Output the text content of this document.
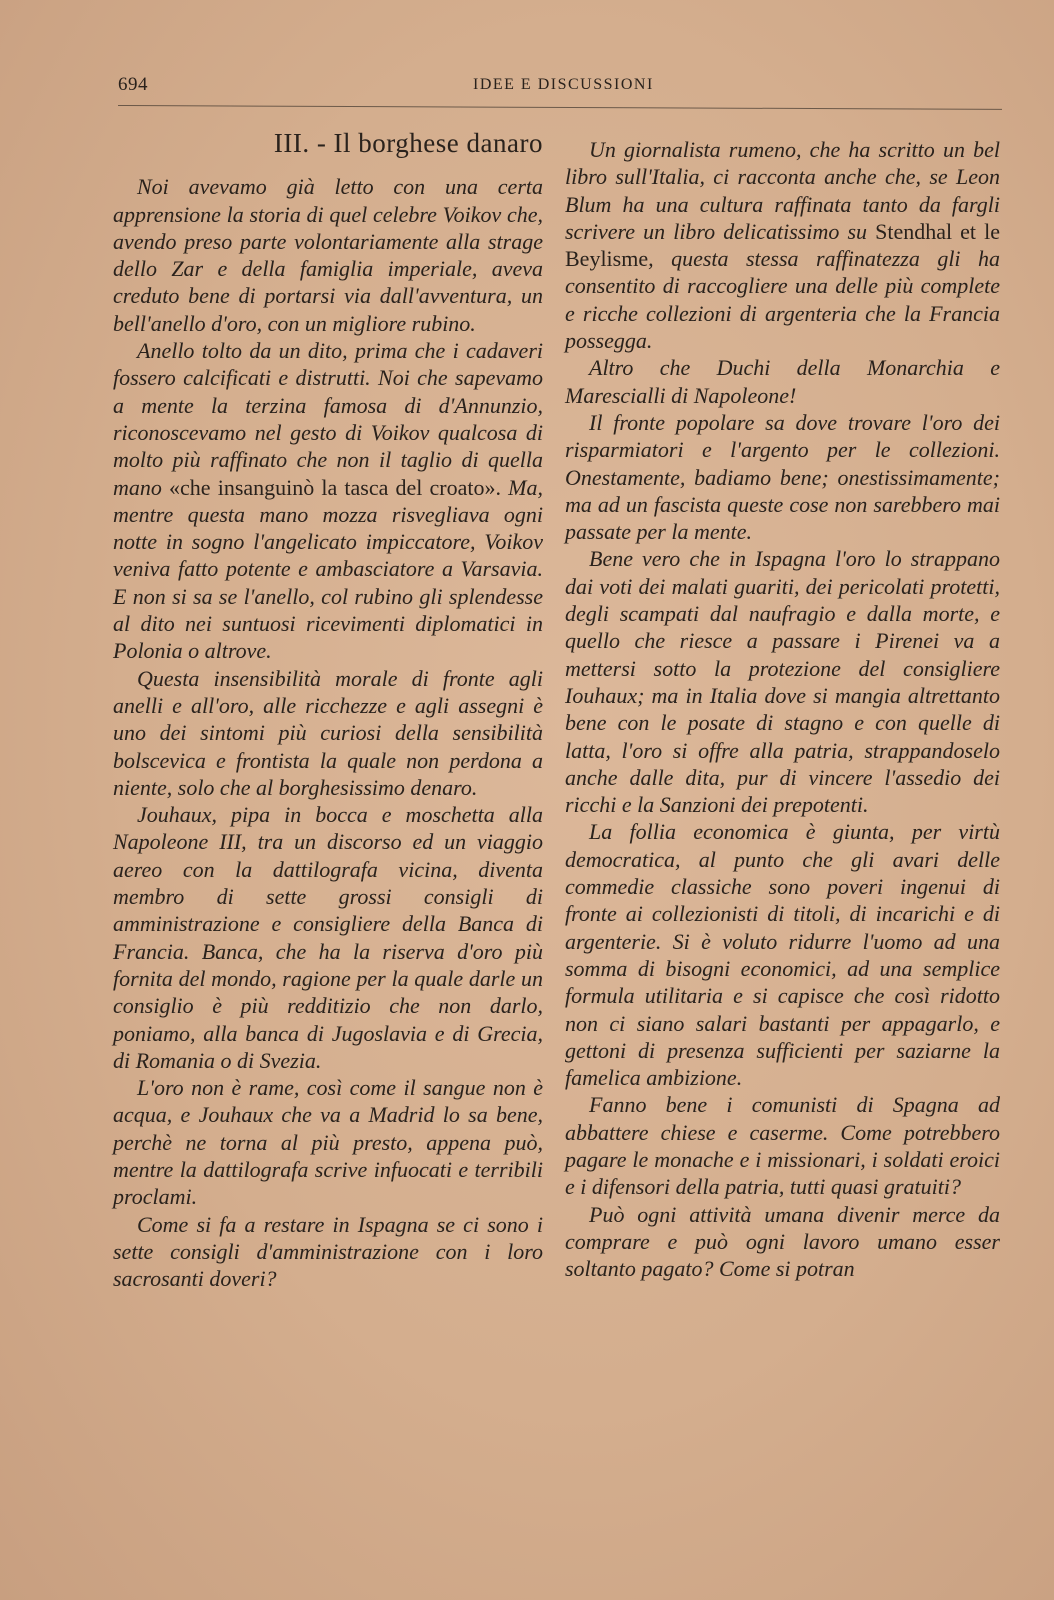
694	IDEE E DISCUSSIONI
III. - Il borghese danaro

Noi avevamo già letto con una certa apprensione la storia di quel celebre Voikov che, avendo preso parte volontariamente alla strage dello Zar e della famiglia imperiale, aveva creduto bene di portarsi via dall'avventura, un bell'anello d'oro, con un migliore rubino.

Anello tolto da un dito, prima che i cadaveri fossero calcificati e distrutti. Noi che sapevamo a mente la terzina famosa di d'Annunzio, riconoscevamo nel gesto di Voikov qualcosa di molto più raffinato che non il taglio di quella mano «che insanguinò la tasca del croato». Ma, mentre questa mano mozza risvegliava ogni notte in sogno l'angelicato impiccatore, Voikov veniva fatto potente e ambasciatore a Varsavia. E non si sa se l'anello, col rubino gli splendesse al dito nei suntuosi ricevimenti diplomatici in Polonia o altrove.

Questa insensibilità morale di fronte agli anelli e all'oro, alle ricchezze e agli assegni è uno dei sintomi più curiosi della sensibilità bolscevica e frontista la quale non perdona a niente, solo che al borghesissimo denaro.

Jouhaux, pipa in bocca e moschetta alla Napoleone III, tra un discorso ed un viaggio aereo con la dattilografa vicina, diventa membro di sette grossi consigli di amministrazione e consigliere della Banca di Francia. Banca, che ha la riserva d'oro più fornita del mondo, ragione per la quale darle un consiglio è più redditizio che non darlo, poniamo, alla banca di Jugoslavia e di Grecia, di Romania o di Svezia.

L'oro non è rame, così come il sangue non è acqua, e Jouhaux che va a Madrid lo sa bene, perchè ne torna al più presto, appena può, mentre la dattilografa scrive infuocati e terribili proclami.

Come si fa a restare in Ispagna se ci sono i sette consigli d'amministrazione con i loro sacrosanti doveri?

Un giornalista rumeno, che ha scritto un bel libro sull'Italia, ci racconta anche che, se Leon Blum ha una cultura raffinata tanto da fargli scrivere un libro delicatissimo su Stendhal et le Beylisme, questa stessa raffinatezza gli ha consentito di raccogliere una delle più complete e ricche collezioni di argenteria che la Francia possegga.

Altro che Duchi della Monarchia e Marescialli di Napoleone!

Il fronte popolare sa dove trovare l'oro dei risparmiatori e l'argento per le collezioni. Onestamente, badiamo bene; onestissimamente; ma ad un fascista queste cose non sarebbero mai passate per la mente.

Bene vero che in Ispagna l'oro lo strappano dai voti dei malati guariti, dei pericolati protetti, degli scampati dal naufragio e dalla morte, e quello che riesce a passare i Pirenei va a mettersi sotto la protezione del consigliere Iouhaux; ma in Italia dove si mangia altrettanto bene con le posate di stagno e con quelle di latta, l'oro si offre alla patria, strappandoselo anche dalle dita, pur di vincere l'assedio dei ricchi e la Sanzioni dei prepotenti.

La follia economica è giunta, per virtù democratica, al punto che gli avari delle commedie classiche sono poveri ingenui di fronte ai collezionisti di titoli, di incarichi e di argenterie. Si è voluto ridurre l'uomo ad una somma di bisogni economici, ad una semplice formula utilitaria e si capisce che così ridotto non ci siano salari bastanti per appagarlo, e gettoni di presenza sufficienti per saziarne la famelica ambizione.

Fanno bene i comunisti di Spagna ad abbattere chiese e caserme. Come potrebbero pagare le monache e i missionari, i soldati eroici e i difensori della patria, tutti quasi gratuiti?

Può ogni attività umana divenir merce da comprare e può ogni lavoro umano esser soltanto pagato? Come si potran
